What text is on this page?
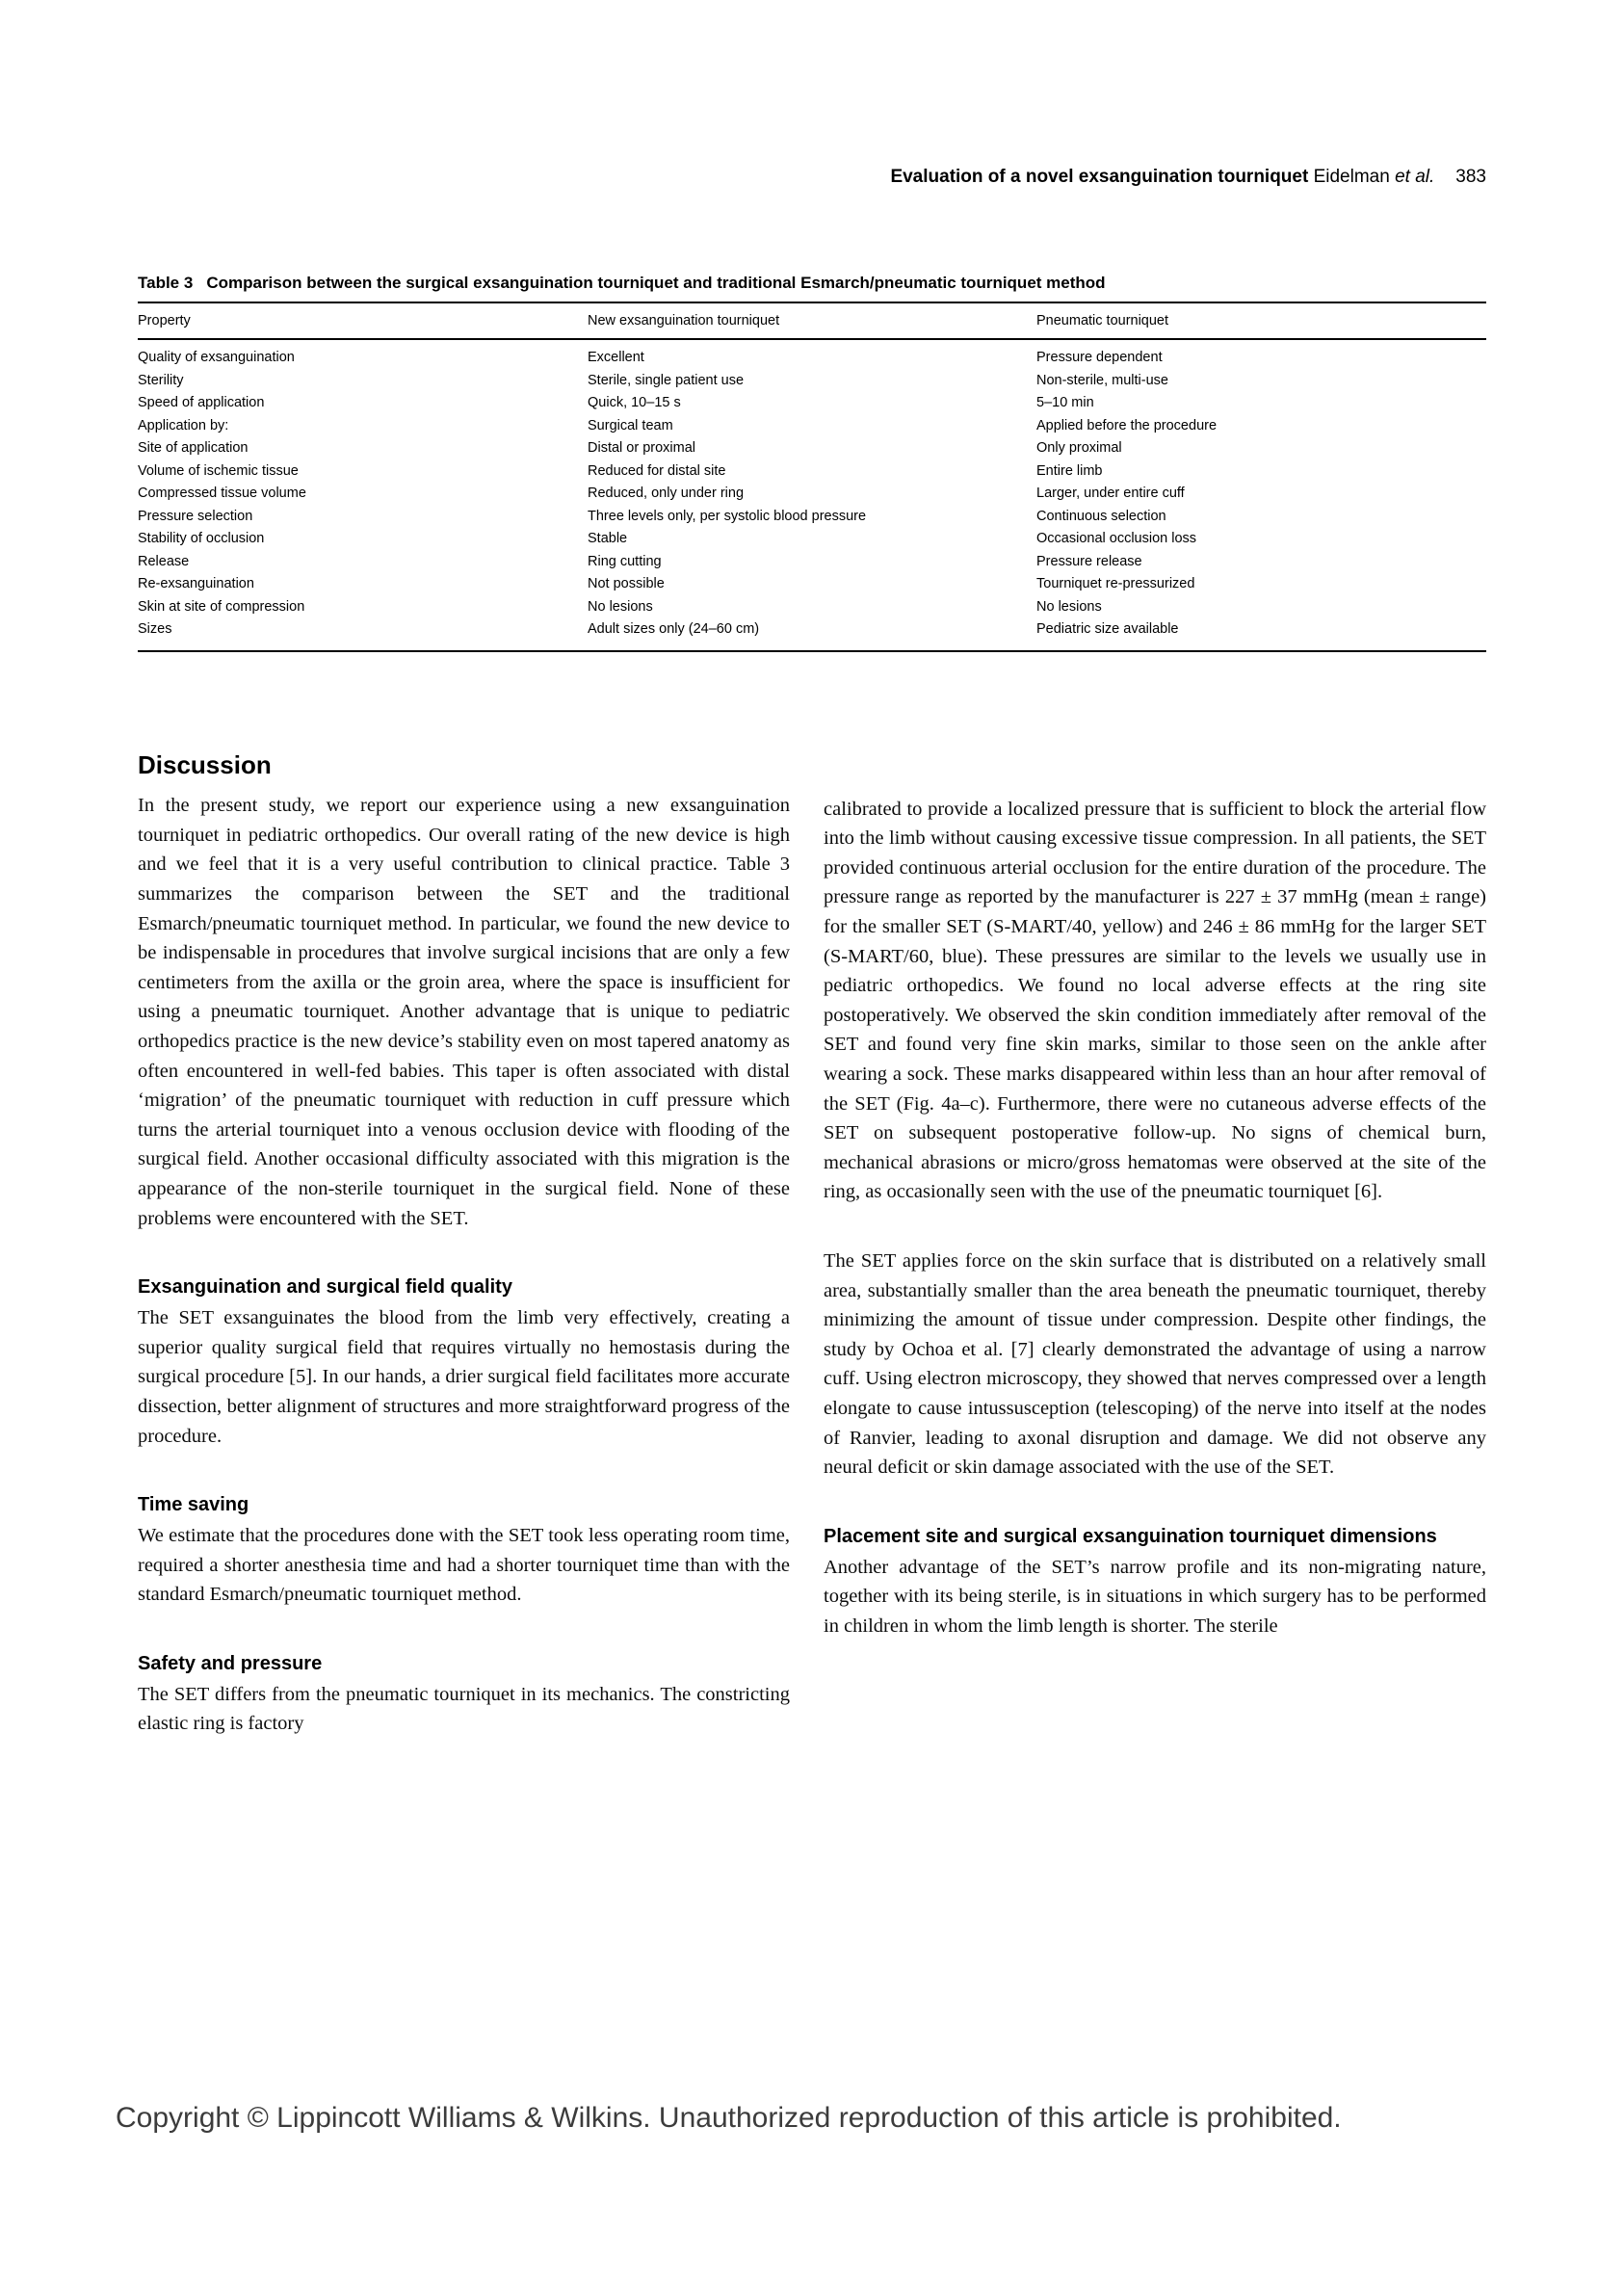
Evaluation of a novel exsanguination tourniquet Eidelman et al. 383
Table 3 Comparison between the surgical exsanguination tourniquet and traditional Esmarch/pneumatic tourniquet method
Property	New exsanguination tourniquet	Pneumatic tourniquet
Quality of exsanguination	Excellent	Pressure dependent
Sterility	Sterile, single patient use	Non-sterile, multi-use
Speed of application	Quick, 10–15 s	5–10 min
Application by:	Surgical team	Applied before the procedure
Site of application	Distal or proximal	Only proximal
Volume of ischemic tissue	Reduced for distal site	Entire limb
Compressed tissue volume	Reduced, only under ring	Larger, under entire cuff
Pressure selection	Three levels only, per systolic blood pressure	Continuous selection
Stability of occlusion	Stable	Occasional occlusion loss
Release	Ring cutting	Pressure release
Re-exsanguination	Not possible	Tourniquet re-pressurized
Skin at site of compression	No lesions	No lesions
Sizes	Adult sizes only (24–60 cm)	Pediatric size available
Discussion

In the present study, we report our experience using a new exsanguination tourniquet in pediatric orthopedics. Our overall rating of the new device is high and we feel that it is a very useful contribution to clinical practice. Table 3 summarizes the comparison between the SET and the traditional Esmarch/pneumatic tourniquet method. In particular, we found the new device to be indispensable in procedures that involve surgical incisions that are only a few centimeters from the axilla or the groin area, where the space is insufficient for using a pneumatic tourniquet. Another advantage that is unique to pediatric orthopedics practice is the new device’s stability even on most tapered anatomy as often encountered in well-fed babies. This taper is often associated with distal ‘migration’ of the pneumatic tourniquet with reduction in cuff pressure which turns the arterial tourniquet into a venous occlusion device with flooding of the surgical field. Another occasional difficulty associated with this migration is the appearance of the non-sterile tourniquet in the surgical field. None of these problems were encountered with the SET.

Exsanguination and surgical field quality

The SET exsanguinates the blood from the limb very effectively, creating a superior quality surgical field that requires virtually no hemostasis during the surgical procedure [5]. In our hands, a drier surgical field facilitates more accurate dissection, better alignment of structures and more straightforward progress of the procedure.

Time saving

We estimate that the procedures done with the SET took less operating room time, required a shorter anesthesia time and had a shorter tourniquet time than with the standard Esmarch/pneumatic tourniquet method.

Safety and pressure

The SET differs from the pneumatic tourniquet in its mechanics. The constricting elastic ring is factory

calibrated to provide a localized pressure that is sufficient to block the arterial flow into the limb without causing excessive tissue compression. In all patients, the SET provided continuous arterial occlusion for the entire duration of the procedure. The pressure range as reported by the manufacturer is 227 ± 37 mmHg (mean ± range) for the smaller SET (S-MART/40, yellow) and 246 ± 86 mmHg for the larger SET (S-MART/60, blue). These pressures are similar to the levels we usually use in pediatric orthopedics. We found no local adverse effects at the ring site postoperatively. We observed the skin condition immediately after removal of the SET and found very fine skin marks, similar to those seen on the ankle after wearing a sock. These marks disappeared within less than an hour after removal of the SET (Fig. 4a–c). Furthermore, there were no cutaneous adverse effects of the SET on subsequent postoperative follow-up. No signs of chemical burn, mechanical abrasions or micro/gross hematomas were observed at the site of the ring, as occasionally seen with the use of the pneumatic tourniquet [6].

The SET applies force on the skin surface that is distributed on a relatively small area, substantially smaller than the area beneath the pneumatic tourniquet, thereby minimizing the amount of tissue under compression. Despite other findings, the study by Ochoa et al. [7] clearly demonstrated the advantage of using a narrow cuff. Using electron microscopy, they showed that nerves compressed over a length elongate to cause intussusception (telescoping) of the nerve into itself at the nodes of Ranvier, leading to axonal disruption and damage. We did not observe any neural deficit or skin damage associated with the use of the SET.

Placement site and surgical exsanguination tourniquet dimensions

Another advantage of the SET’s narrow profile and its non-migrating nature, together with its being sterile, is in situations in which surgery has to be performed in children in whom the limb length is shorter. The sterile

Copyright © Lippincott Williams & Wilkins. Unauthorized reproduction of this article is prohibited.
